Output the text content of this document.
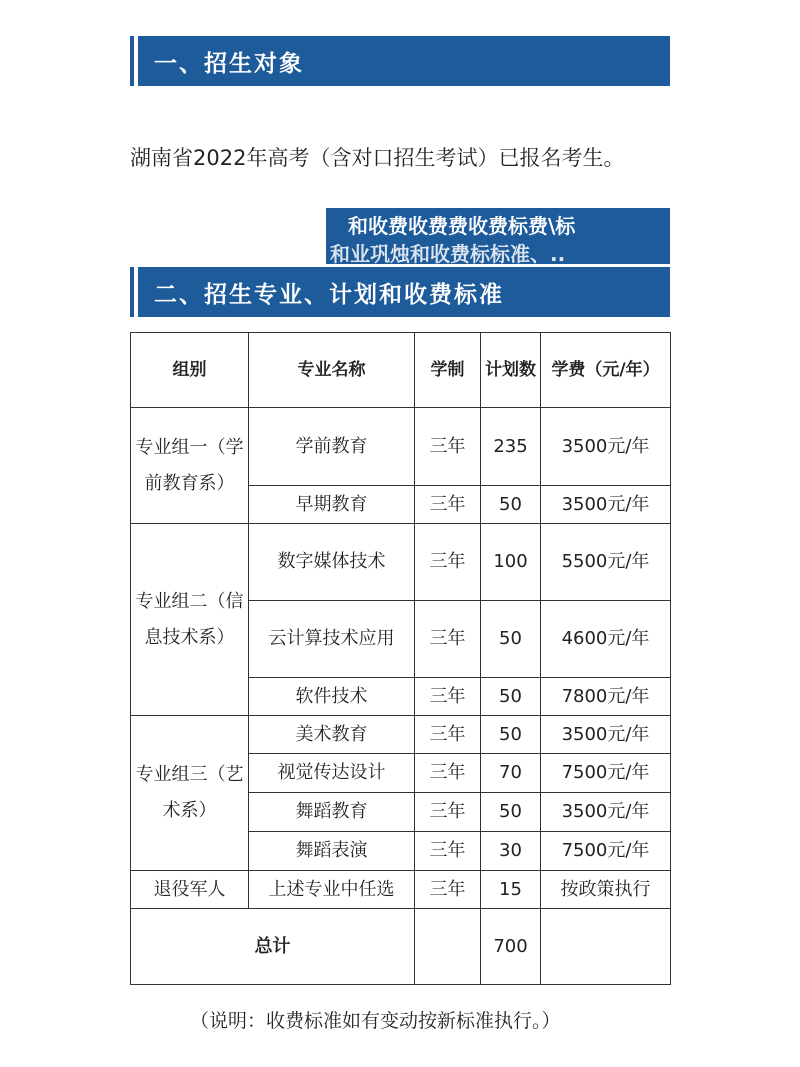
一、招生对象
湖南省2022年高考（含对口招生考试）已报名考生。
和收费收费费收费标费\标
和业巩烛和收费标标准、..
二、招生专业、计划和收费标准
组别	专业名称	学制	计划数	学费（元/年）
专业组一（学前教育系）	学前教育	三年	235	3500元/年
	早期教育	三年	50	3500元/年
专业组二（信息技术系）	数字媒体技术	三年	100	5500元/年
	云计算技术应用	三年	50	4600元/年
	软件技术	三年	50	7800元/年
专业组三（艺术系）	美术教育	三年	50	3500元/年
	视觉传达设计	三年	70	7500元/年
	舞蹈教育	三年	50	3500元/年
	舞蹈表演	三年	30	7500元/年
退役军人	上述专业中任选	三年	15	按政策执行
总计			700	
（说明：收费标准如有变动按新标准执行。）
